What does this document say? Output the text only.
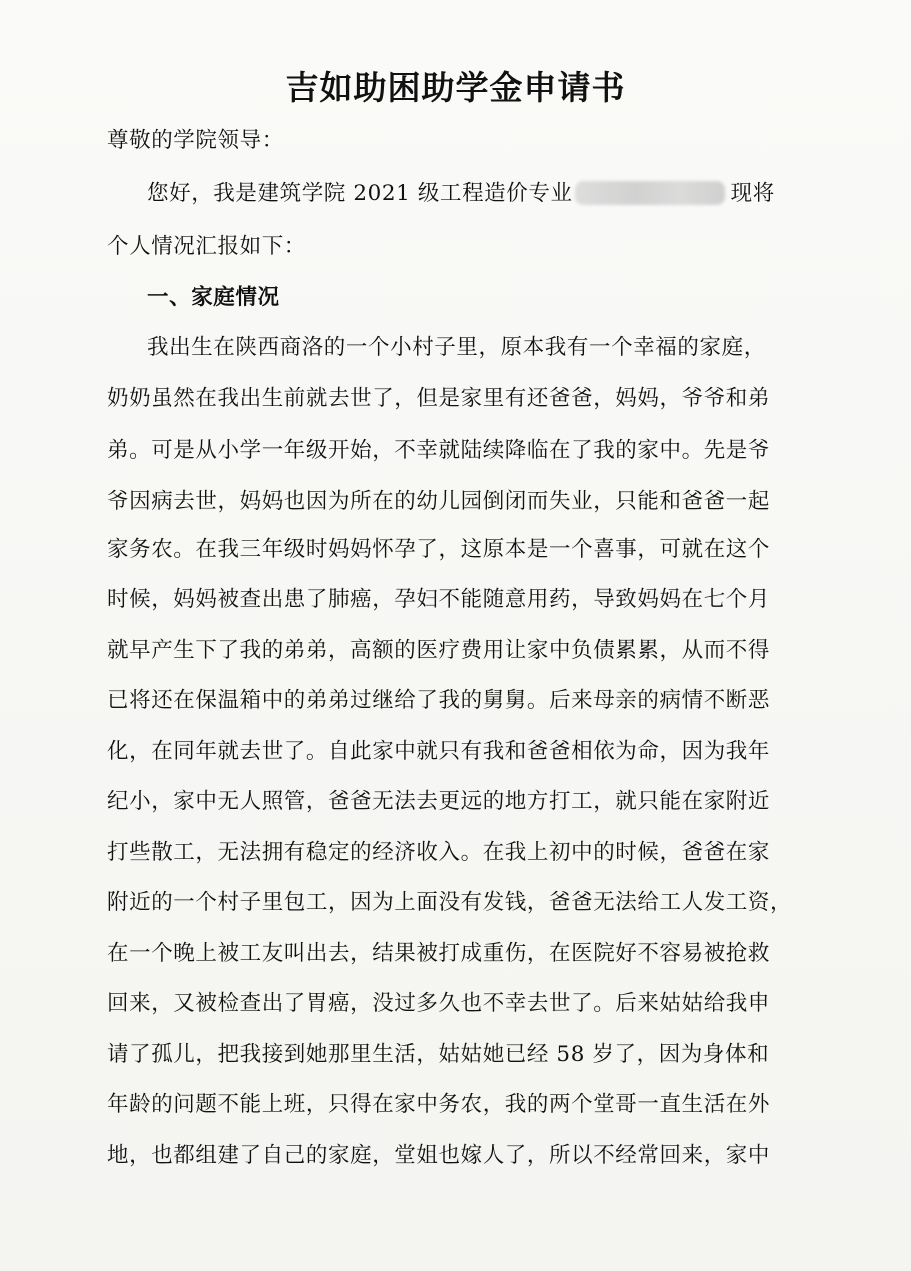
吉如助困助学金申请书
尊敬的学院领导：
您好，我是建筑学院 2021 级工程造价专业	现将
个人情况汇报如下：
一、家庭情况
我出生在陕西商洛的一个小村子里，原本我有一个幸福的家庭，
奶奶虽然在我出生前就去世了，但是家里有还爸爸，妈妈，爷爷和弟
弟。可是从小学一年级开始，不幸就陆续降临在了我的家中。先是爷
爷因病去世，妈妈也因为所在的幼儿园倒闭而失业，只能和爸爸一起
家务农。在我三年级时妈妈怀孕了，这原本是一个喜事，可就在这个
时候，妈妈被查出患了肺癌，孕妇不能随意用药，导致妈妈在七个月
就早产生下了我的弟弟，高额的医疗费用让家中负债累累，从而不得
已将还在保温箱中的弟弟过继给了我的舅舅。后来母亲的病情不断恶
化，在同年就去世了。自此家中就只有我和爸爸相依为命，因为我年
纪小，家中无人照管，爸爸无法去更远的地方打工，就只能在家附近
打些散工，无法拥有稳定的经济收入。在我上初中的时候，爸爸在家
附近的一个村子里包工，因为上面没有发钱，爸爸无法给工人发工资，
在一个晚上被工友叫出去，结果被打成重伤，在医院好不容易被抢救
回来，又被检查出了胃癌，没过多久也不幸去世了。后来姑姑给我申
请了孤儿，把我接到她那里生活，姑姑她已经 58 岁了，因为身体和
年龄的问题不能上班，只得在家中务农，我的两个堂哥一直生活在外
地，也都组建了自己的家庭，堂姐也嫁人了，所以不经常回来，家中
